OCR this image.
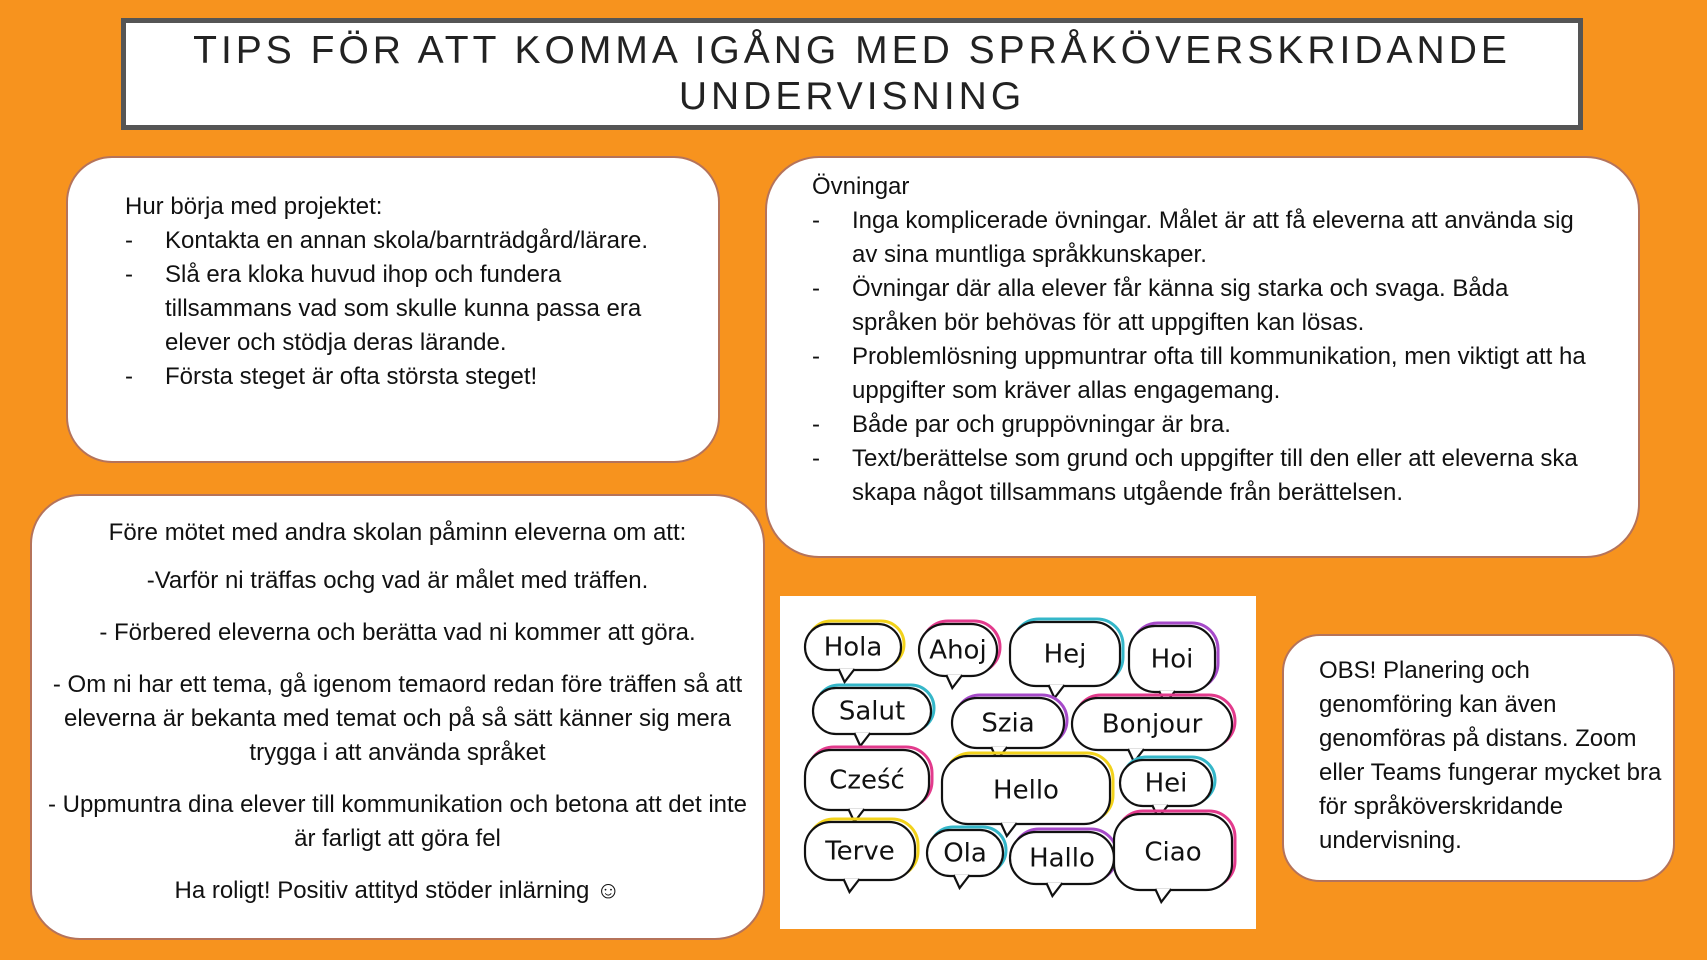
TIPS FÖR ATT KOMMA IGÅNG MED SPRÅKÖVERSKRIDANDE
UNDERVISNING

Hur börja med projektet:

-	Kontakta en annan skola/barnträdgård/lärare.
-	Slå era kloka huvud ihop och fundera tillsammans vad som skulle kunna passa era elever och stödja deras lärande.
-	Första steget är ofta största steget!

Övningar

-	Inga komplicerade övningar. Målet är att få eleverna att använda sig av sina muntliga språkkunskaper.
-	Övningar där alla elever får känna sig starka och svaga. Båda språken bör behövas för att uppgiften kan lösas.
-	Problemlösning uppmuntrar ofta till kommunikation, men viktigt att ha uppgifter som kräver allas engagemang.
-	Både par och gruppövningar är bra.
-	Text/berättelse som grund och uppgifter till den eller att eleverna ska skapa något tillsammans utgående från berättelsen.

Före mötet med andra skolan påminn eleverna om att:

-Varför ni träffas ochg vad är målet med träffen.

- Förbered eleverna och berätta vad ni kommer att göra.

- Om ni har ett tema, gå igenom temaord redan före träffen så att eleverna är bekanta med temat och på så sätt känner sig mera trygga i att använda språket

- Uppmuntra dina elever till kommunikation och betona att det inte är farligt att göra fel

Ha roligt! Positiv attityd stöder inlärning ☺

Hola Ahoj Hej Hoi
Salut	Szia	Bonjour
Cześć	Hello	Hei
Terve Ola Hallo Ciao

OBS! Planering och genomföring kan även genomföras på distans. Zoom eller Teams fungerar mycket bra för språköverskridande undervisning.
